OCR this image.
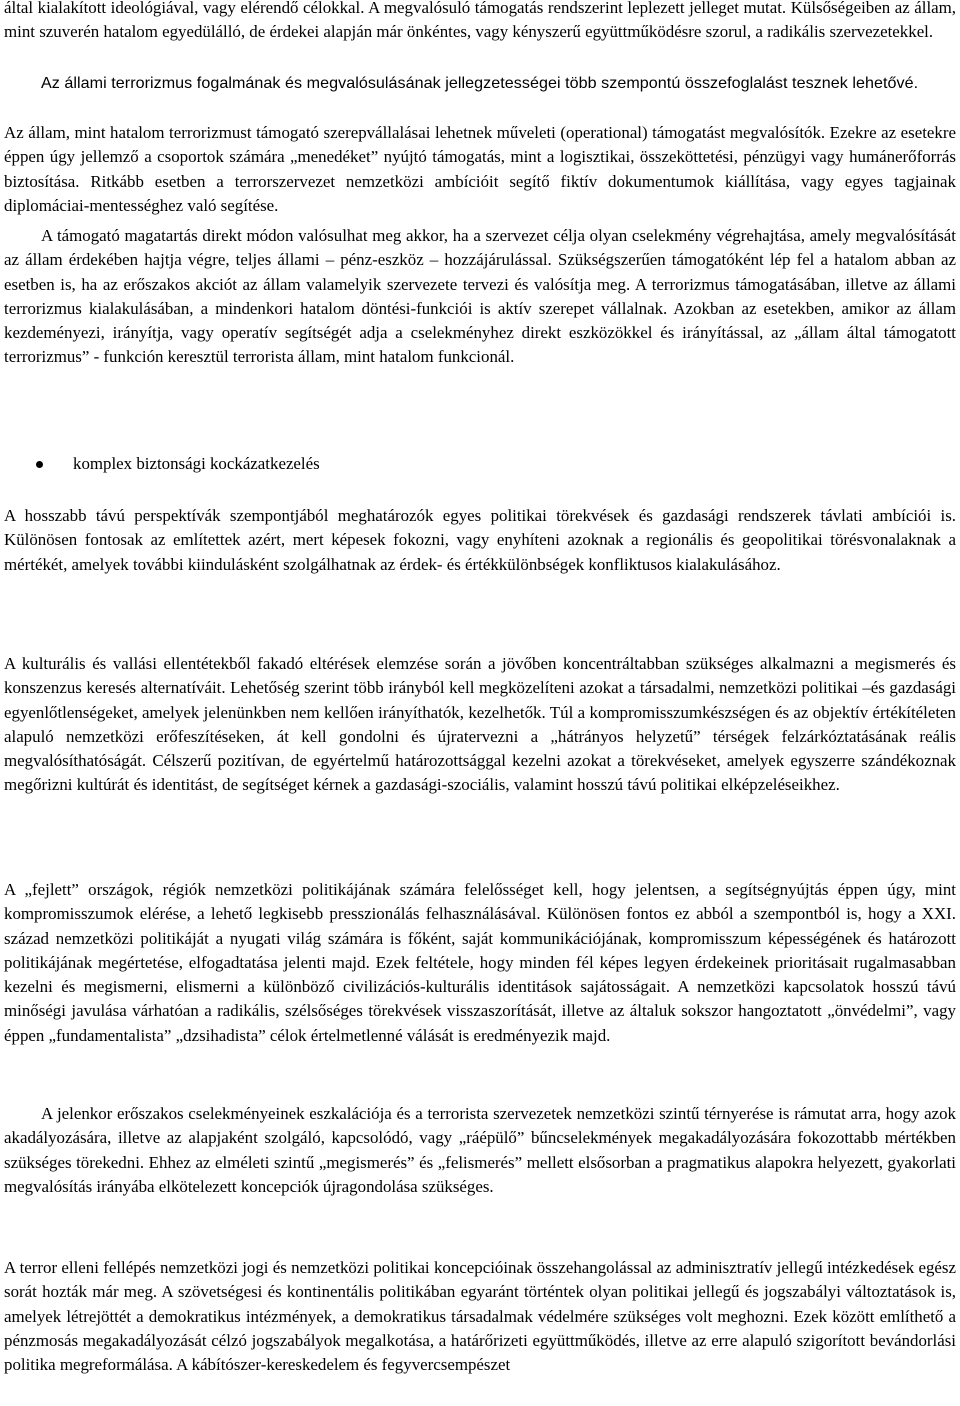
által kialakított ideológiával, vagy elérendő célokkal. A megvalósuló támogatás rendszerint leplezett jelleget mutat. Külsőségeiben az állam, mint szuverén hatalom egyedülálló, de érdekei alapján már önkéntes, vagy kényszerű együttműködésre szorul, a radikális szervezetekkel.

Az állami terrorizmus fogalmának és megvalósulásának jellegzetességei több szempontú összefoglalást tesznek lehetővé.

Az állam, mint hatalom terrorizmust támogató szerepvállalásai lehetnek műveleti (operational) támogatást megvalósítók. Ezekre az esetekre éppen úgy jellemző a csoportok számára „menedéket” nyújtó támogatás, mint a logisztikai, összeköttetési, pénzügyi vagy humánerőforrás biztosítása. Ritkább esetben a terrorszervezet nemzetközi ambícióit segítő fiktív dokumentumok kiállítása, vagy egyes tagjainak diplomáciai-mentességhez való segítése.

A támogató magatartás direkt módon valósulhat meg akkor, ha a szervezet célja olyan cselekmény végrehajtása, amely megvalósítását az állam érdekében hajtja végre, teljes állami – pénz-eszköz – hozzájárulással. Szükségszerűen támogatóként lép fel a hatalom abban az esetben is, ha az erőszakos akciót az állam valamelyik szervezete tervezi és valósítja meg. A terrorizmus támogatásában, illetve az állami terrorizmus kialakulásában, a mindenkori hatalom döntési-funkciói is aktív szerepet vállalnak. Azokban az esetekben, amikor az állam kezdeményezi, irányítja, vagy operatív segítségét adja a cselekményhez direkt eszközökkel és irányítással, az „állam által támogatott terrorizmus” - funkción keresztül terrorista állam, mint hatalom funkcionál.

komplex biztonsági kockázatkezelés

A hosszabb távú perspektívák szempontjából meghatározók egyes politikai törekvések és gazdasági rendszerek távlati ambíciói is. Különösen fontosak az említettek azért, mert képesek fokozni, vagy enyhíteni azoknak a regionális és geopolitikai törésvonalaknak a mértékét, amelyek további kiindulásként szolgálhatnak az érdek- és értékkülönbségek konfliktusos kialakulásához.

A kulturális és vallási ellentétekből fakadó eltérések elemzése során a jövőben koncentráltabban szükséges alkalmazni a megismerés és konszenzus keresés alternatíváit. Lehetőség szerint több irányból kell megközelíteni azokat a társadalmi, nemzetközi politikai –és gazdasági egyenlőtlenségeket, amelyek jelenünkben nem kellően irányíthatók, kezelhetők. Túl a kompromisszumkészségen és az objektív értékítéleten alapuló nemzetközi erőfeszítéseken, át kell gondolni és újratervezni a „hátrányos helyzetű” térségek felzárkóztatásának reális megvalósíthatóságát. Célszerű pozitívan, de egyértelmű határozottsággal kezelni azokat a törekvéseket, amelyek egyszerre szándékoznak megőrizni kultúrát és identitást, de segítséget kérnek a gazdasági-szociális, valamint hosszú távú politikai elképzeléseikhez.

A „fejlett” országok, régiók nemzetközi politikájának számára felelősséget kell, hogy jelentsen, a segítségnyújtás éppen úgy, mint kompromisszumok elérése, a lehető legkisebb presszionálás felhasználásával. Különösen fontos ez abból a szempontból is, hogy a XXI. század nemzetközi politikáját a nyugati világ számára is főként, saját kommunikációjának, kompromisszum képességének és határozott politikájának megértetése, elfogadtatása jelenti majd. Ezek feltétele, hogy minden fél képes legyen érdekeinek prioritásait rugalmasabban kezelni és megismerni, elismerni a különböző civilizációs-kulturális identitások sajátosságait. A nemzetközi kapcsolatok hosszú távú minőségi javulása várhatóan a radikális, szélsőséges törekvések visszaszorítását, illetve az általuk sokszor hangoztatott „önvédelmi”, vagy éppen „fundamentalista” „dzsihadista” célok értelmetlenné válását is eredményezik majd.

A jelenkor erőszakos cselekményeinek eszkalációja és a terrorista szervezetek nemzetközi szintű térnyerése is rámutat arra, hogy azok akadályozására, illetve az alapjaként szolgáló, kapcsolódó, vagy „ráépülő” bűncselekmények megakadályozására fokozottabb mértékben szükséges törekedni. Ehhez az elméleti szintű „megismerés” és „felismerés” mellett elsősorban a pragmatikus alapokra helyezett, gyakorlati megvalósítás irányába elkötelezett koncepciók újragondolása szükséges.

A terror elleni fellépés nemzetközi jogi és nemzetközi politikai koncepcióinak összehangolással az adminisztratív jellegű intézkedések egész sorát hozták már meg. A szövetségesi és kontinentális politikában egyaránt történtek olyan politikai jellegű és jogszabályi változtatások is, amelyek létrejöttét a demokratikus intézmények, a demokratikus társadalmak védelmére szükséges volt meghozni. Ezek között említhető a pénzmosás megakadályozását célzó jogszabályok megalkotása, a határőrizeti együttműködés, illetve az erre alapuló szigorított bevándorlási politika megreformálása. A kábítószer-kereskedelem és fegyvercsempészet
